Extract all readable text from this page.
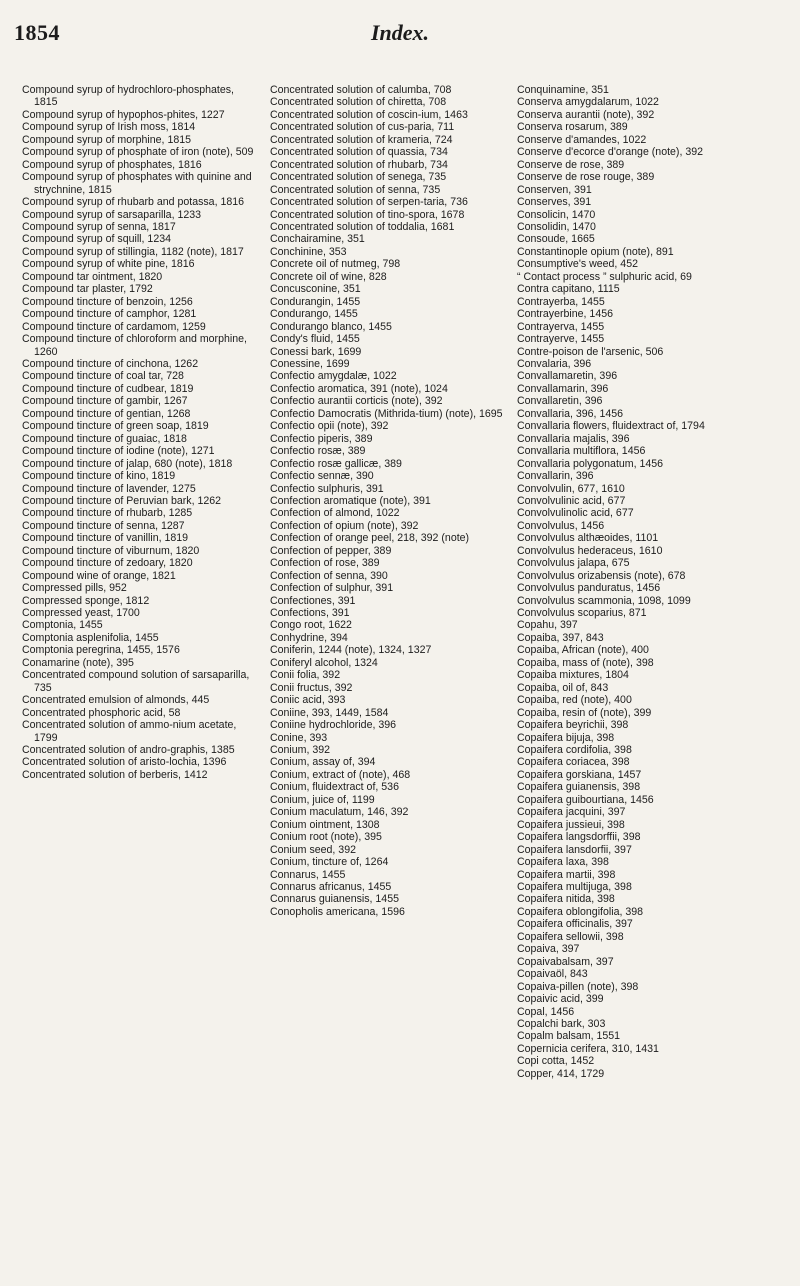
1854	Index.
Compound syrup of hydrochloro-phosphates, 1815
Compound syrup of hypophos-phites, 1227
Compound syrup of Irish moss, 1814
Compound syrup of morphine, 1815
Compound syrup of phosphate of iron (note), 509
Compound syrup of phosphates, 1816
Compound syrup of phosphates with quinine and strychnine, 1815
Compound syrup of rhubarb and potassa, 1816
Compound syrup of sarsaparilla, 1233
Compound syrup of senna, 1817
Compound syrup of squill, 1234
Compound syrup of stillingia, 1182 (note), 1817
Compound syrup of white pine, 1816
Compound tar ointment, 1820
Compound tar plaster, 1792
Compound tincture of benzoin, 1256
Compound tincture of camphor, 1281
Compound tincture of cardamom, 1259
Compound tincture of chloroform and morphine, 1260
Compound tincture of cinchona, 1262
Compound tincture of coal tar, 728
Compound tincture of cudbear, 1819
Compound tincture of gambir, 1267
Compound tincture of gentian, 1268
Compound tincture of green soap, 1819
Compound tincture of guaiac, 1818
Compound tincture of iodine (note), 1271
Compound tincture of jalap, 680 (note), 1818
Compound tincture of kino, 1819
Compound tincture of lavender, 1275
Compound tincture of Peruvian bark, 1262
Compound tincture of rhubarb, 1285
Compound tincture of senna, 1287
Compound tincture of vanillin, 1819
Compound tincture of viburnum, 1820
Compound tincture of zedoary, 1820
Compound wine of orange, 1821
Compressed pills, 952
Compressed sponge, 1812
Compressed yeast, 1700
Comptonia, 1455
Comptonia asplenifolia, 1455
Comptonia peregrina, 1455, 1576
Conamarine (note), 395
Concentrated compound solution of sarsaparilla, 735
Concentrated emulsion of almonds, 445
Concentrated phosphoric acid, 58
Concentrated solution of ammo-nium acetate, 1799
Concentrated solution of andro-graphis, 1385
Concentrated solution of aristo-lochia, 1396
Concentrated solution of berberis, 1412
Concentrated solution of calumba, 708
Concentrated solution of chiretta, 708
Concentrated solution of coscin-ium, 1463
Concentrated solution of cus-paria, 711
Concentrated solution of krameria, 724
Concentrated solution of quassia, 734
Concentrated solution of rhubarb, 734
Concentrated solution of senega, 735
Concentrated solution of senna, 735
Concentrated solution of serpen-taria, 736
Concentrated solution of tino-spora, 1678
Concentrated solution of toddalia, 1681
Conchairamine, 351
Conchinine, 353
Concrete oil of nutmeg, 798
Concrete oil of wine, 828
Concusconine, 351
Condurangin, 1455
Condurango, 1455
Condurango blanco, 1455
Condy's fluid, 1455
Conessi bark, 1699
Conessine, 1699
Confectio amygdalæ, 1022
Confectio aromatica, 391 (note), 1024
Confectio aurantii corticis (note), 392
Confectio Damocratis (Mithrida-tium) (note), 1695
Confectio opii (note), 392
Confectio piperis, 389
Confectio rosæ, 389
Confectio rosæ gallicæ, 389
Confectio sennæ, 390
Confectio sulphuris, 391
Confection aromatique (note), 391
Confection of almond, 1022
Confection of opium (note), 392
Confection of orange peel, 218, 392 (note)
Confection of pepper, 389
Confection of rose, 389
Confection of senna, 390
Confection of sulphur, 391
Confectiones, 391
Confections, 391
Congo root, 1622
Conhydrine, 394
Coniferin, 1244 (note), 1324, 1327
Coniferyl alcohol, 1324
Conii folia, 392
Conii fructus, 392
Coniic acid, 393
Coniine, 393, 1449, 1584
Coniine hydrochloride, 396
Conine, 393
Conium, 392
Conium, assay of, 394
Conium, extract of (note), 468
Conium, fluidextract of, 536
Conium, juice of, 1199
Conium maculatum, 146, 392
Conium ointment, 1308
Conium root (note), 395
Conium seed, 392
Conium, tincture of, 1264
Connarus, 1455
Connarus africanus, 1455
Connarus guianensis, 1455
Conopholis americana, 1596
Conquinamine, 351
Conserva amygdalarum, 1022
Conserva aurantii (note), 392
Conserva rosarum, 389
Conserve d'amandes, 1022
Conserve d'ecorce d'orange (note), 392
Conserve de rose, 389
Conserve de rose rouge, 389
Conserven, 391
Conserves, 391
Consolicin, 1470
Consolidin, 1470
Consoude, 1665
Constantinople opium (note), 891
Consumptive's weed, 452
“ Contact process ” sulphuric acid, 69
Contra capitano, 1115
Contrayerba, 1455
Contrayerbine, 1456
Contrayerva, 1455
Contrayerve, 1455
Contre-poison de l'arsenic, 506
Convalaria, 396
Convallamaretin, 396
Convallamarin, 396
Convallaretin, 396
Convallaria, 396, 1456
Convallaria flowers, fluidextract of, 1794
Convallaria majalis, 396
Convallaria multiflora, 1456
Convallaria polygonatum, 1456
Convallarin, 396
Convolvulin, 677, 1610
Convolvulinic acid, 677
Convolvulinolic acid, 677
Convolvulus, 1456
Convolvulus althæoides, 1101
Convolvulus hederaceus, 1610
Convolvulus jalapa, 675
Convolvulus orizabensis (note), 678
Convolvulus panduratus, 1456
Convolvulus scammonia, 1098, 1099
Convolvulus scoparius, 871
Copahu, 397
Copaiba, 397, 843
Copaiba, African (note), 400
Copaiba, mass of (note), 398
Copaiba mixtures, 1804
Copaiba, oil of, 843
Copaiba, red (note), 400
Copaiba, resin of (note), 399
Copaifera beyrichii, 398
Copaifera bijuja, 398
Copaifera cordifolia, 398
Copaifera coriacea, 398
Copaifera gorskiana, 1457
Copaifera guianensis, 398
Copaifera guibourtiana, 1456
Copaifera jacquini, 397
Copaifera jussieui, 398
Copaifera langsdorffii, 398
Copaifera lansdorfii, 397
Copaifera laxa, 398
Copaifera martii, 398
Copaifera multijuga, 398
Copaifera nitida, 398
Copaifera oblongifolia, 398
Copaifera officinalis, 397
Copaifera sellowii, 398
Copaiva, 397
Copaivabalsam, 397
Copaivaöl, 843
Copaiva-pillen (note), 398
Copaivic acid, 399
Copal, 1456
Copalchi bark, 303
Copalm balsam, 1551
Copernicia cerifera, 310, 1431
Copi cotta, 1452
Copper, 414, 1729
